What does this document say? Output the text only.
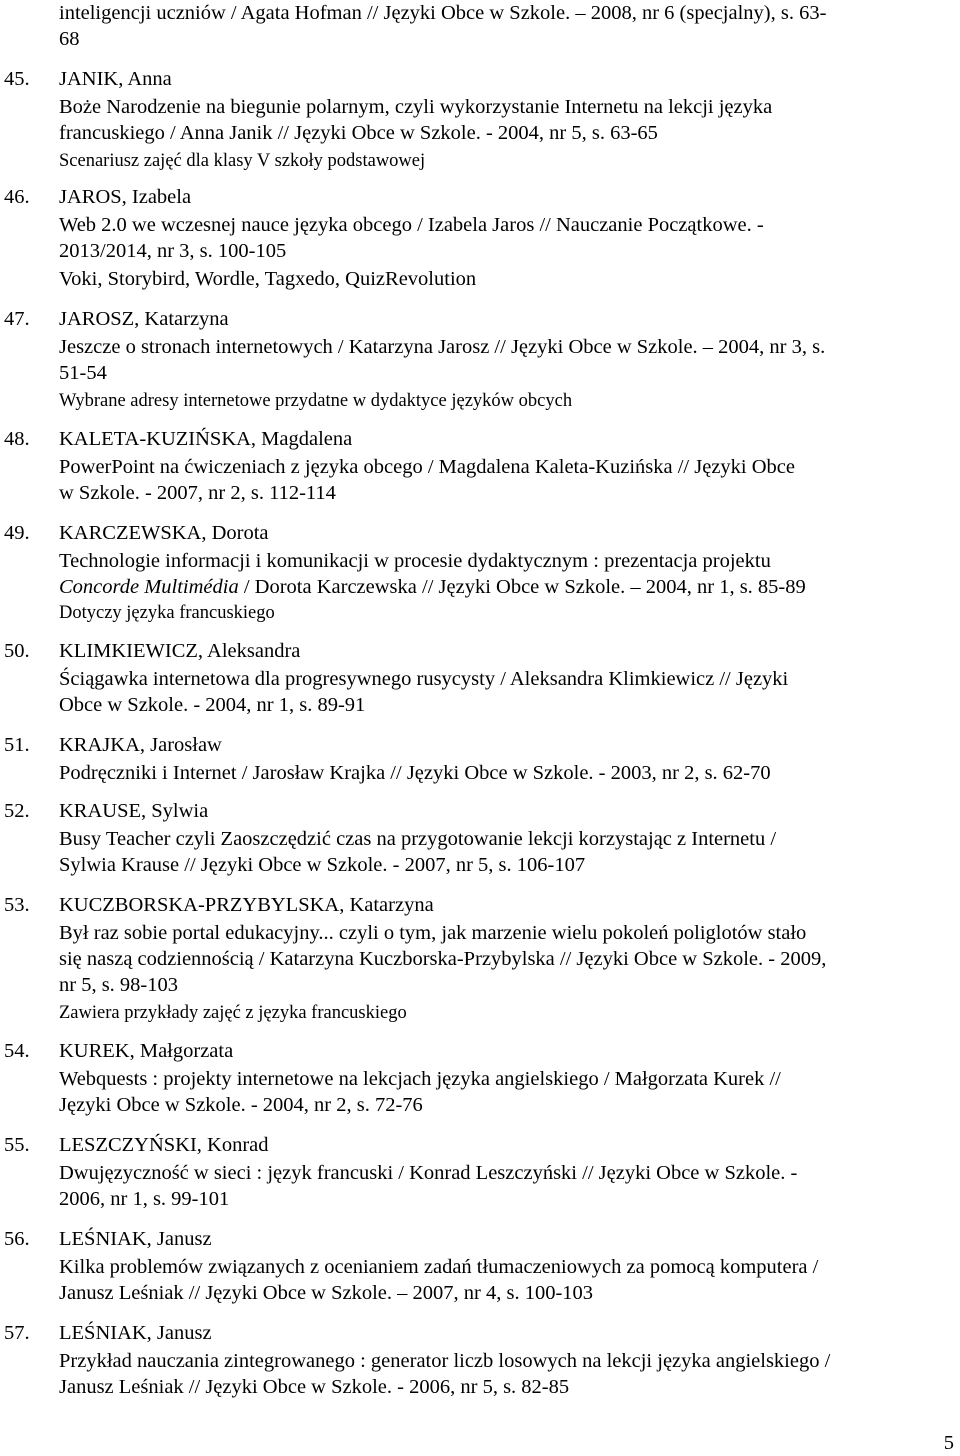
inteligencji uczniów / Agata Hofman // Języki Obce w Szkole. – 2008, nr 6 (specjalny), s. 63-
68
45. JANIK, Anna
Boże Narodzenie na biegunie polarnym, czyli wykorzystanie Internetu na lekcji języka
francuskiego / Anna Janik // Języki Obce w Szkole. - 2004, nr 5, s. 63-65
Scenariusz zajęć dla klasy V szkoły podstawowej
46. JAROS, Izabela
Web 2.0 we wczesnej nauce języka obcego / Izabela Jaros // Nauczanie Początkowe. -
2013/2014, nr 3, s. 100-105
Voki, Storybird, Wordle, Tagxedo, QuizRevolution
47. JAROSZ, Katarzyna
Jeszcze o stronach internetowych / Katarzyna Jarosz // Języki Obce w Szkole. – 2004, nr 3, s.
51-54
Wybrane adresy internetowe przydatne w dydaktyce języków obcych
48. KALETA-KUZIŃSKA, Magdalena
PowerPoint na ćwiczeniach z języka obcego / Magdalena Kaleta-Kuzińska // Języki Obce
w Szkole. - 2007, nr 2, s. 112-114
49. KARCZEWSKA, Dorota
Technologie informacji i komunikacji w procesie dydaktycznym : prezentacja projektu
Concorde Multimédia / Dorota Karczewska // Języki Obce w Szkole. – 2004, nr 1, s. 85-89
Dotyczy języka francuskiego
50. KLIMKIEWICZ, Aleksandra
Ściągawka internetowa dla progresywnego rusycysty / Aleksandra Klimkiewicz // Języki
Obce w Szkole. - 2004, nr 1, s. 89-91
51. KRAJKA, Jarosław
Podręczniki i Internet / Jarosław Krajka // Języki Obce w Szkole. - 2003, nr 2, s. 62-70
52. KRAUSE, Sylwia
Busy Teacher czyli Zaoszczędzić czas na przygotowanie lekcji korzystając z Internetu /
Sylwia Krause // Języki Obce w Szkole. - 2007, nr 5, s. 106-107
53. KUCZBORSKA-PRZYBYLSKA, Katarzyna
Był raz sobie portal edukacyjny... czyli o tym, jak marzenie wielu pokoleń poliglotów stało
się naszą codziennością / Katarzyna Kuczborska-Przybylska // Języki Obce w Szkole. - 2009,
nr 5, s. 98-103
Zawiera przykłady zajęć z języka francuskiego
54. KUREK, Małgorzata
Webquests : projekty internetowe na lekcjach języka angielskiego / Małgorzata Kurek //
Języki Obce w Szkole. - 2004, nr 2, s. 72-76
55. LESZCZYŃSKI, Konrad
Dwujęzyczność w sieci : język francuski / Konrad Leszczyński // Języki Obce w Szkole. -
2006, nr 1, s. 99-101
56. LEŚNIAK, Janusz
Kilka problemów związanych z ocenianiem zadań tłumaczeniowych za pomocą komputera /
Janusz Leśniak // Języki Obce w Szkole. – 2007, nr 4, s. 100-103
57. LEŚNIAK, Janusz
Przykład nauczania zintegrowanego : generator liczb losowych na lekcji języka angielskiego /
Janusz Leśniak // Języki Obce w Szkole. - 2006, nr 5, s. 82-85
5
